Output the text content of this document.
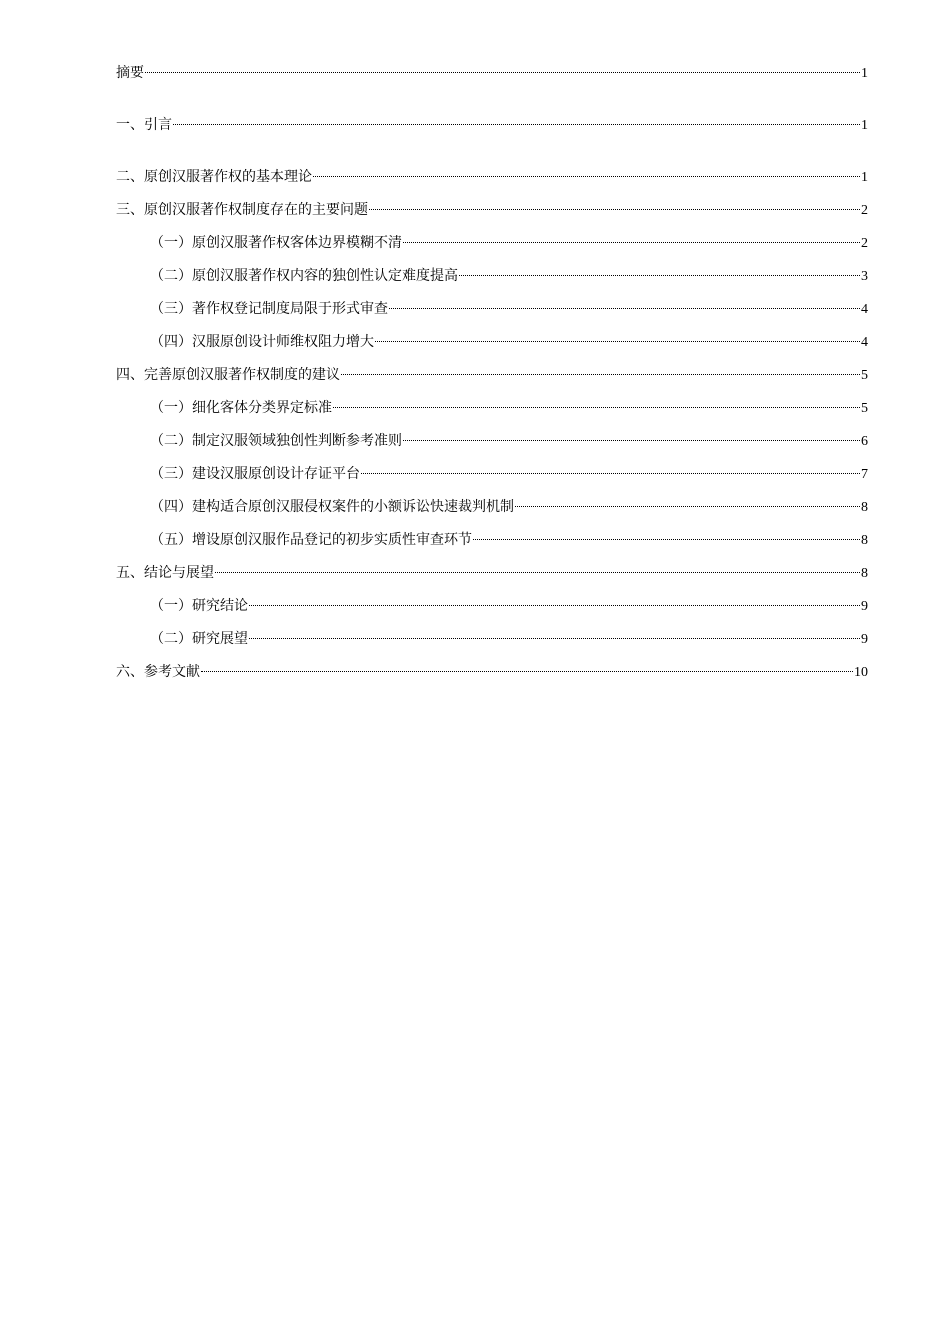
摘要	1
一、引言	1
二、原创汉服著作权的基本理论	1
三、原创汉服著作权制度存在的主要问题	2
（一）原创汉服著作权客体边界模糊不清	2
（二）原创汉服著作权内容的独创性认定难度提高	3
（三）著作权登记制度局限于形式审查	4
（四）汉服原创设计师维权阻力增大	4
四、完善原创汉服著作权制度的建议	5
（一）细化客体分类界定标准	5
（二）制定汉服领域独创性判断参考准则	6
（三）建设汉服原创设计存证平台	7
（四）建构适合原创汉服侵权案件的小额诉讼快速裁判机制	8
（五）增设原创汉服作品登记的初步实质性审查环节	8
五、结论与展望	8
（一）研究结论	9
（二）研究展望	9
六、参考文献	10
